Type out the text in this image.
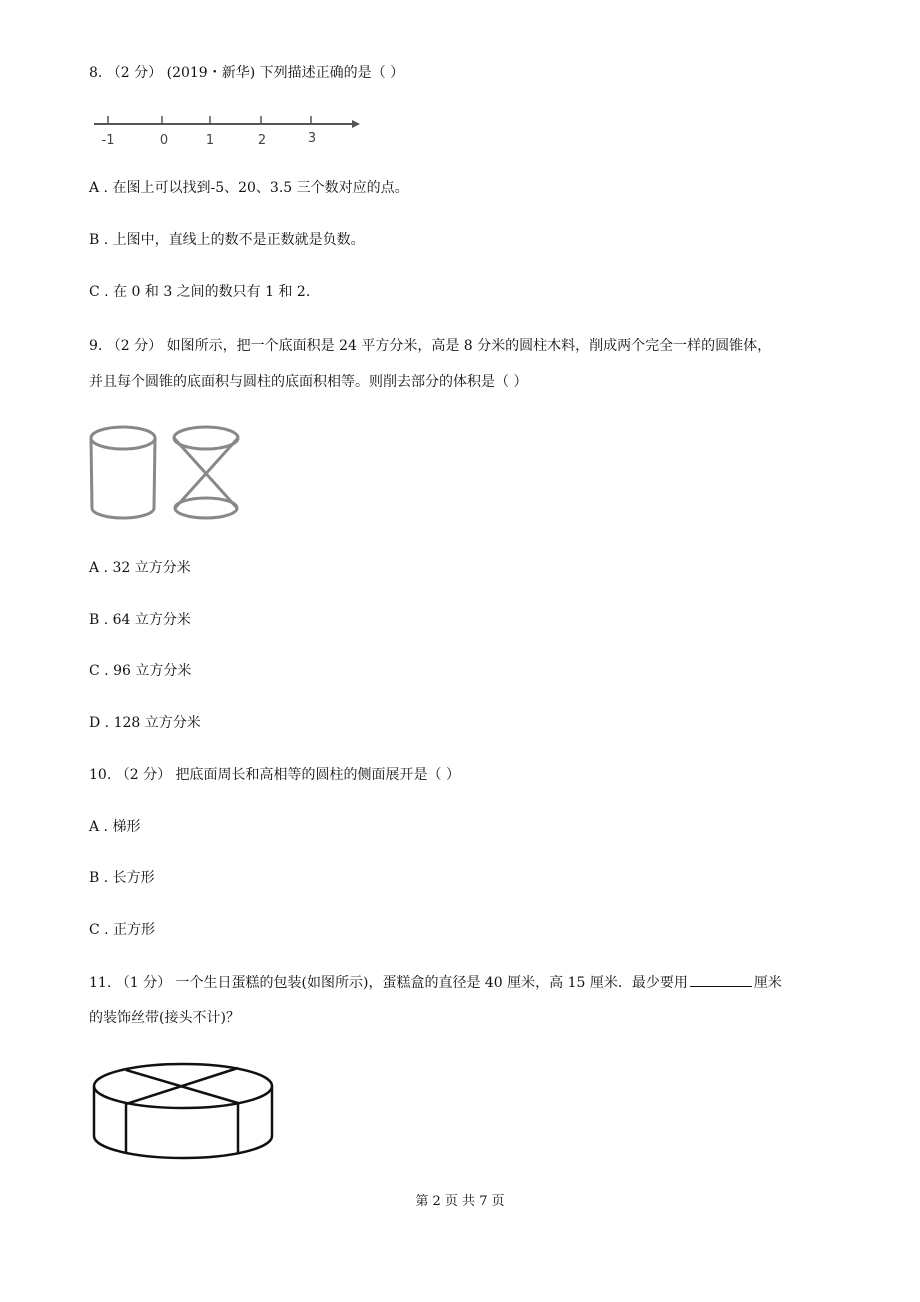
8. （2 分） (2019・新华) 下列描述正确的是（ ）
-1	0	1	2	3
A . 在图上可以找到-5、20、3.5 三个数对应的点。
B . 上图中，直线上的数不是正数就是负数。
C . 在 0 和 3 之间的数只有 1 和 2.
9. （2 分） 如图所示，把一个底面积是 24 平方分米，高是 8 分米的圆柱木料，削成两个完全一样的圆锥体，
并且每个圆锥的底面积与圆柱的底面积相等。则削去部分的体积是（ ）
A . 32 立方分米
B . 64 立方分米
C . 96 立方分米
D . 128 立方分米
10. （2 分） 把底面周长和高相等的圆柱的侧面展开是（ ）
A . 梯形
B . 长方形
C . 正方形
11. （1 分） 一个生日蛋糕的包装(如图所示)，蛋糕盒的直径是 40 厘米，高 15 厘米．最少要用	厘米
的装饰丝带(接头不计)？
第 2 页 共 7 页
